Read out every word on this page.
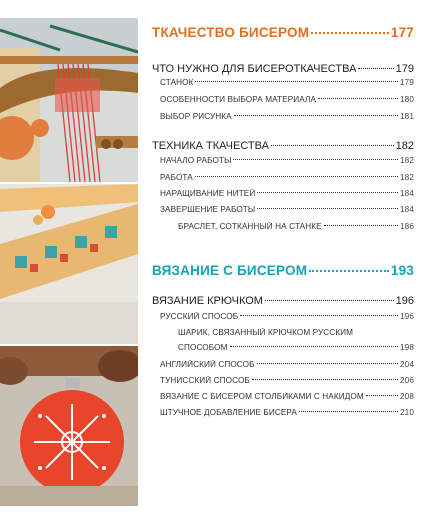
ТКАЧЕСТВО БИСЕРОМ	177
ЧТО НУЖНО ДЛЯ БИСЕРОТКАЧЕСТВА	179
СТАНОК	179
ОСОБЕННОСТИ ВЫБОРА МАТЕРИАЛА	180
ВЫБОР РИСУНКА	181
ТЕХНИКА ТКАЧЕСТВА	182
НАЧАЛО РАБОТЫ	182
РАБОТА	182
НАРАЩИВАНИЕ НИТЕЙ	184
ЗАВЕРШЕНИЕ РАБОТЫ	184
БРАСЛЕТ, СОТКАННЫЙ НА СТАНКЕ	186
ВЯЗАНИЕ С БИСЕРОМ	193
ВЯЗАНИЕ КРЮЧКОМ	196
РУССКИЙ СПОСОБ	196
ШАРИК, СВЯЗАННЫЙ КРЮЧКОМ РУССКИМ
СПОСОБОМ	198
АНГЛИЙСКИЙ СПОСОБ	204
ТУНИССКИЙ СПОСОБ	206
ВЯЗАНИЕ С БИСЕРОМ СТОЛБИКАМИ С НАКИДОМ	208
ШТУЧНОЕ ДОБАВЛЕНИЕ БИСЕРА	210
